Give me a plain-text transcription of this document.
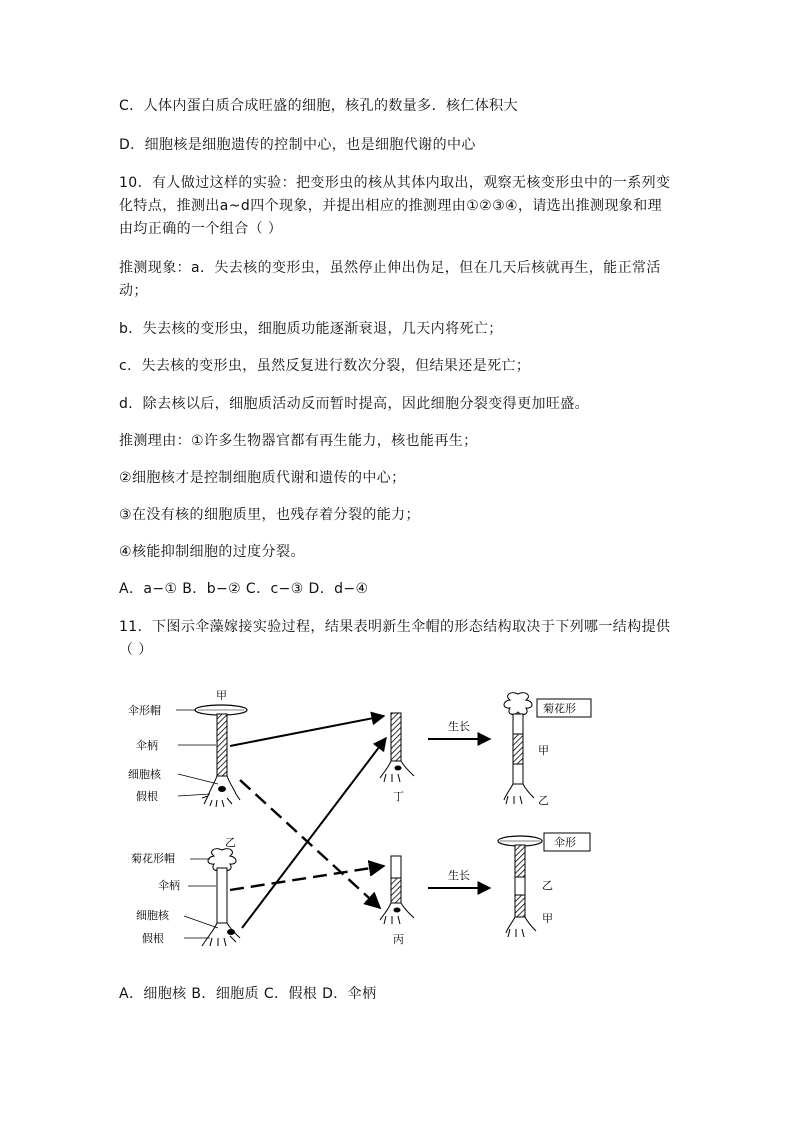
C．人体内蛋白质合成旺盛的细胞，核孔的数量多．核仁体积大
D．细胞核是细胞遗传的控制中心，也是细胞代谢的中心
10．有人做过这样的实验：把变形虫的核从其体内取出，观察无核变形虫中的一系列变
化特点，推测出a~d四个现象，并提出相应的推测理由①②③④，请选出推测现象和理
由均正确的一个组合（ ）
推测现象：a．失去核的变形虫，虽然停止伸出伪足，但在几天后核就再生，能正常活
动；
b．失去核的变形虫，细胞质功能逐渐衰退，几天内将死亡；
c．失去核的变形虫，虽然反复进行数次分裂，但结果还是死亡；
d．除去核以后，细胞质活动反而暂时提高，因此细胞分裂变得更加旺盛。
推测理由：①许多生物器官都有再生能力，核也能再生；
②细胞核才是控制细胞质代谢和遗传的中心；
③在没有核的细胞质里，也残存着分裂的能力；
④核能抑制细胞的过度分裂。
A．a−① B．b−② C．c−③ D．d−④
11．下图示伞藻嫁接实验过程，结果表明新生伞帽的形态结构取决于下列哪一结构提供
（ ）
甲
伞形帽
伞柄
细胞核
假根
乙
菊花形帽
伞柄
细胞核
假根
丁
丙
生长
生长
菊花形
甲
乙
伞形
乙
甲
A．细胞核 B．细胞质 C．假根 D．伞柄
